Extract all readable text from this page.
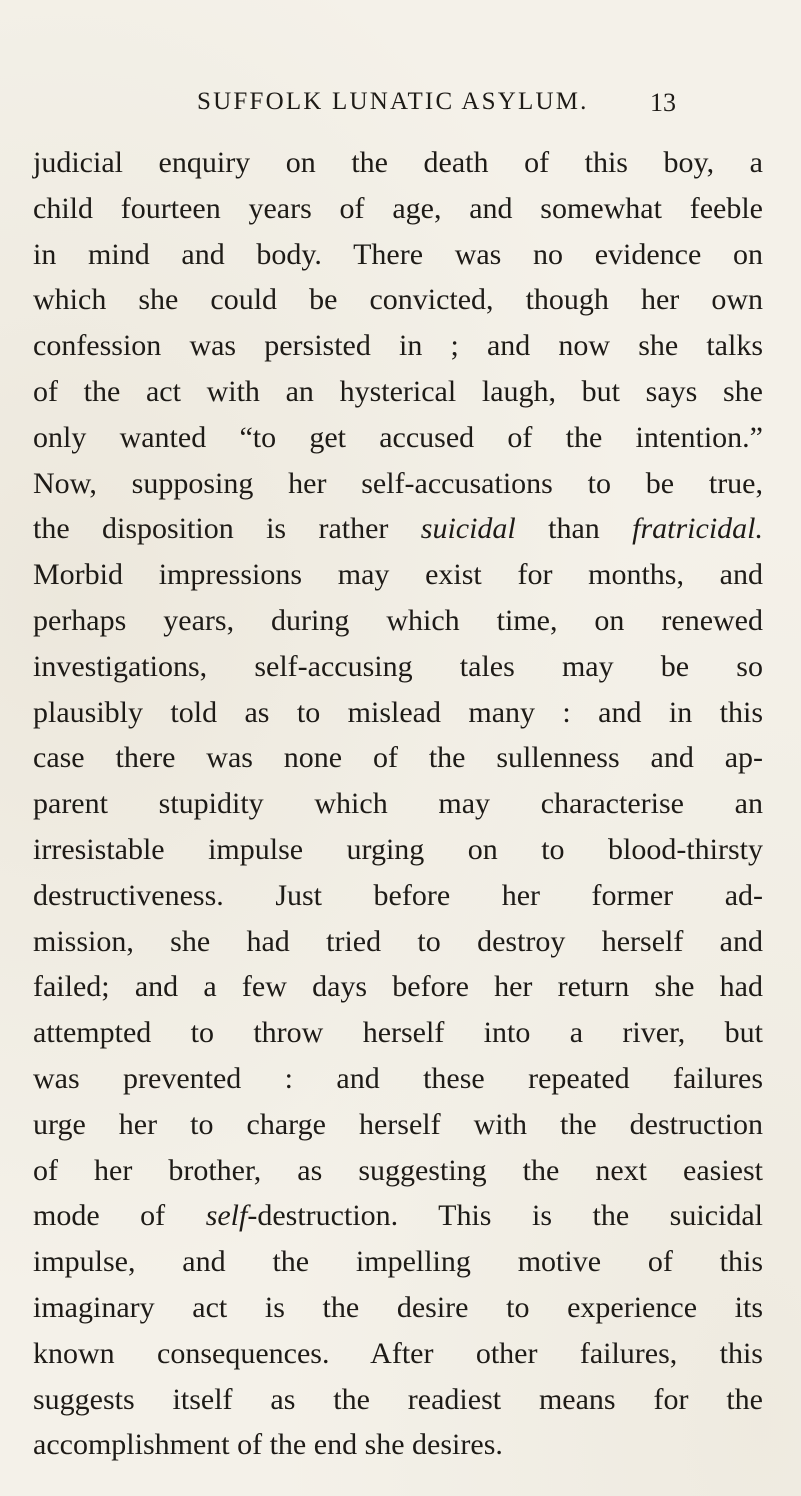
SUFFOLK LUNATIC ASYLUM. 13
judicial enquiry on the death of this boy, a
child fourteen years of age, and somewhat feeble
in mind and body. There was no evidence on
which she could be convicted, though her own
confession was persisted in ; and now she talks
of the act with an hysterical laugh, but says she
only wanted “to get accused of the intention.”
Now, supposing her self-accusations to be true,
the disposition is rather suicidal than fratricidal.
Morbid impressions may exist for months, and
perhaps years, during which time, on renewed
investigations, self-accusing tales may be so
plausibly told as to mislead many : and in this
case there was none of the sullenness and ap-
parent stupidity which may characterise an
irresistable impulse urging on to blood-thirsty
destructiveness. Just before her former ad-
mission, she had tried to destroy herself and
failed; and a few days before her return she had
attempted to throw herself into a river, but
was prevented : and these repeated failures
urge her to charge herself with the destruction
of her brother, as suggesting the next easiest
mode of self-destruction. This is the suicidal
impulse, and the impelling motive of this
imaginary act is the desire to experience its
known consequences. After other failures, this
suggests itself as the readiest means for the
accomplishment of the end she desires.
